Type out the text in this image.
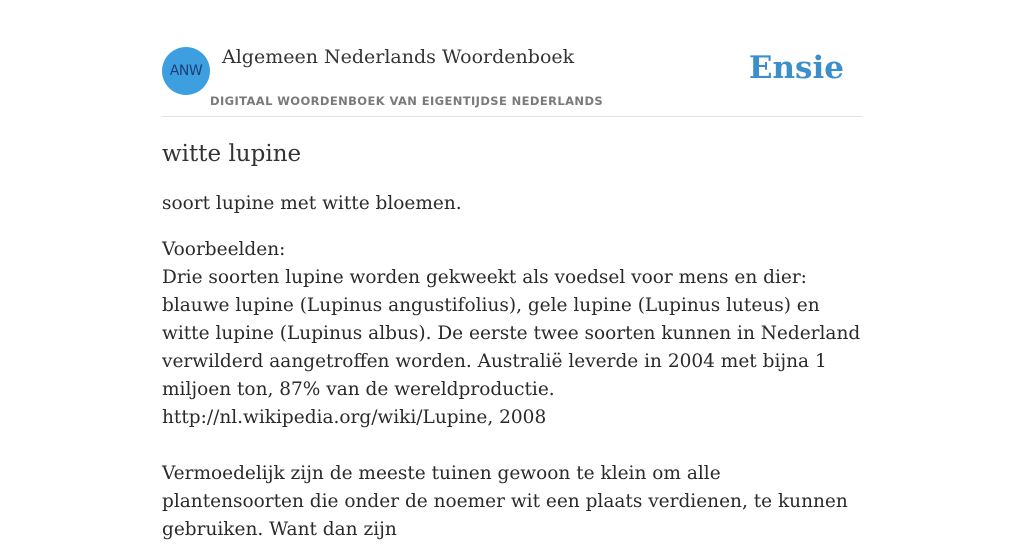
ANW
Algemeen Nederlands Woordenboek
DIGITAAL WOORDENBOEK VAN EIGENTIJDSE NEDERLANDS
Ensie
witte lupine

soort lupine met witte bloemen.

Voorbeelden:

Drie soorten lupine worden gekweekt als voedsel voor mens en dier: blauwe lupine (Lupinus angustifolius), gele lupine (Lupinus luteus) en witte lupine (Lupinus albus). De eerste twee soorten kunnen in Nederland verwilderd aangetroffen worden. Australië leverde in 2004 met bijna 1 miljoen ton, 87% van de wereldproductie.

http://nl.wikipedia.org/wiki/Lupine, 2008

Vermoedelijk zijn de meeste tuinen gewoon te klein om alle plantensoorten die onder de noemer wit een plaats verdienen, te kunnen gebruiken. Want dan zijn
